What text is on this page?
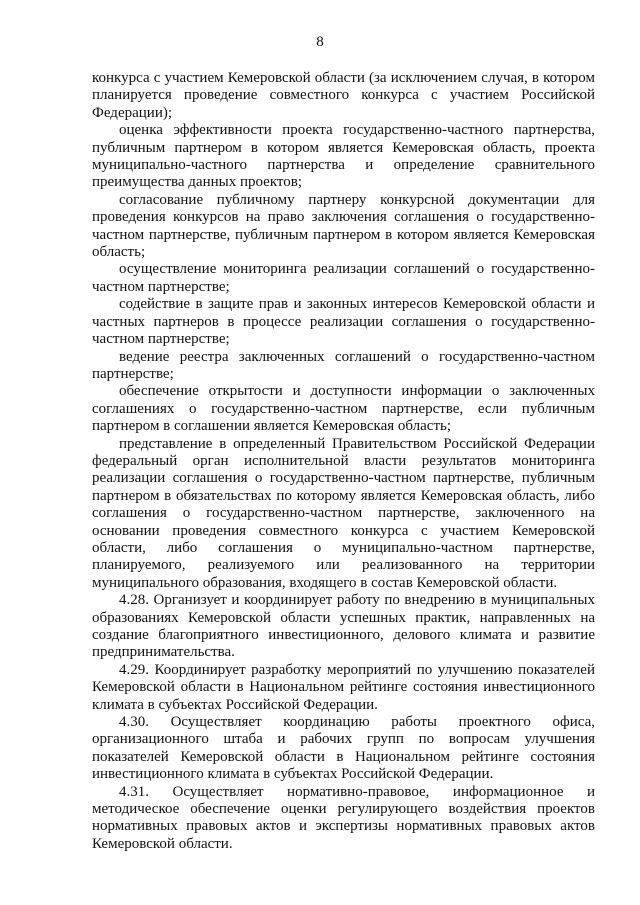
8

конкурса с участием Кемеровской области (за исключением случая, в котором планируется проведение совместного конкурса с участием Российской Федерации);

оценка эффективности проекта государственно-частного партнерства, публичным партнером в котором является Кемеровская область, проекта муниципально-частного партнерства и определение сравнительного преимущества данных проектов;

согласование публичному партнеру конкурсной документации для проведения конкурсов на право заключения соглашения о государственно-частном партнерстве, публичным партнером в котором является Кемеровская область;

осуществление мониторинга реализации соглашений о государственно-частном партнерстве;

содействие в защите прав и законных интересов Кемеровской области и частных партнеров в процессе реализации соглашения о государственно-частном партнерстве;

ведение реестра заключенных соглашений о государственно-частном партнерстве;

обеспечение открытости и доступности информации о заключенных соглашениях о государственно-частном партнерстве, если публичным партнером в соглашении является Кемеровская область;

представление в определенный Правительством Российской Федерации федеральный орган исполнительной власти результатов мониторинга реализации соглашения о государственно-частном партнерстве, публичным партнером в обязательствах по которому является Кемеровская область, либо соглашения о государственно-частном партнерстве, заключенного на основании проведения совместного конкурса с участием Кемеровской области, либо соглашения о муниципально-частном партнерстве, планируемого, реализуемого или реализованного на территории муниципального образования, входящего в состав Кемеровской области.

4.28. Организует и координирует работу по внедрению в муниципальных образованиях Кемеровской области успешных практик, направленных на создание благоприятного инвестиционного, делового климата и развитие предпринимательства.

4.29. Координирует разработку мероприятий по улучшению показателей Кемеровской области в Национальном рейтинге состояния инвестиционного климата в субъектах Российской Федерации.

4.30. Осуществляет координацию работы проектного офиса, организационного штаба и рабочих групп по вопросам улучшения показателей Кемеровской области в Национальном рейтинге состояния инвестиционного климата в субъектах Российской Федерации.

4.31. Осуществляет нормативно-правовое, информационное и методическое обеспечение оценки регулирующего воздействия проектов нормативных правовых актов и экспертизы нормативных правовых актов Кемеровской области.
